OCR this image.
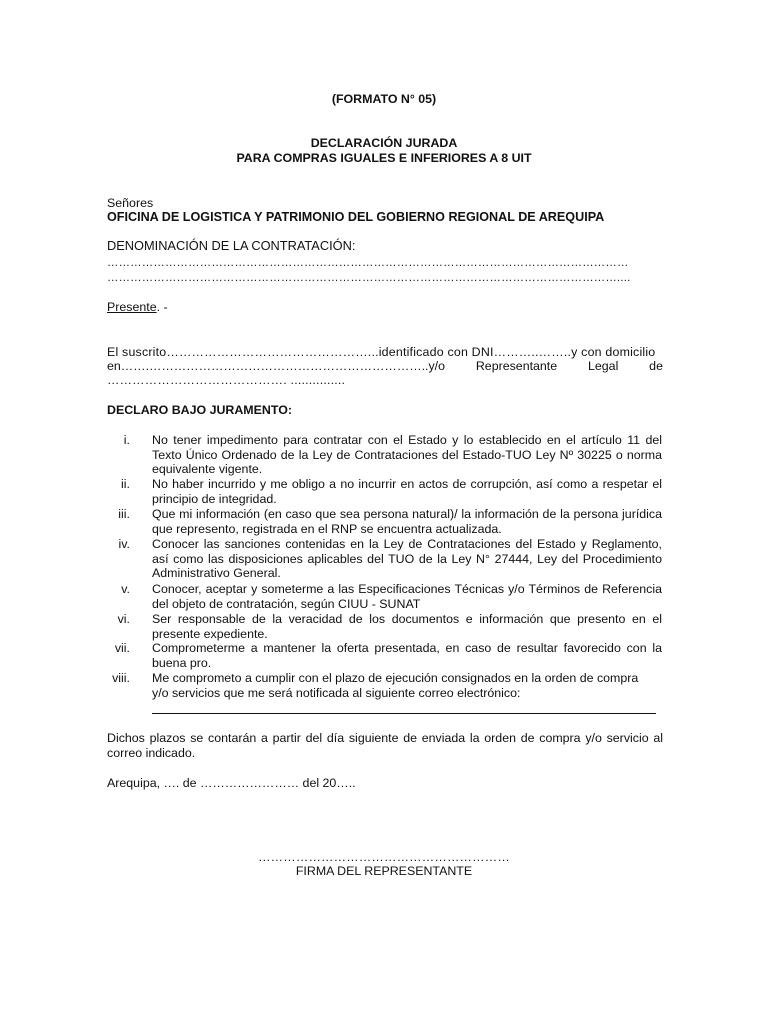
(FORMATO N° 05)
DECLARACIÓN JURADA
PARA COMPRAS IGUALES E INFERIORES A 8 UIT
Señores
OFICINA DE LOGISTICA Y PATRIMONIO DEL GOBIERNO REGIONAL DE AREQUIPA
DENOMINACIÓN DE LA CONTRATACIÓN:
………………………………………………………………………………………………………………………
……………………………………………………………………………………………………………………....
Presente. -
El suscrito…………………………………………...identificado con DNI………..……..y con domicilio
en…….…………………………………………………………..y/o Representante Legal de
……………………………………. ...............
DECLARO BAJO JURAMENTO:
i. No tener impedimento para contratar con el Estado y lo establecido en el artículo 11 del Texto Único Ordenado de la Ley de Contrataciones del Estado-TUO Ley Nº 30225 o norma equivalente vigente.
ii. No haber incurrido y me obligo a no incurrir en actos de corrupción, así como a respetar el principio de integridad.
iii. Que mi información (en caso que sea persona natural)/ la información de la persona jurídica que represento, registrada en el RNP se encuentra actualizada.
iv. Conocer las sanciones contenidas en la Ley de Contrataciones del Estado y Reglamento, así como las disposiciones aplicables del TUO de la Ley N° 27444, Ley del Procedimiento Administrativo General.
v. Conocer, aceptar y someterme a las Especificaciones Técnicas y/o Términos de Referencia del objeto de contratación, según CIUU - SUNAT
vi. Ser responsable de la veracidad de los documentos e información que presento en el presente expediente.
vii. Comprometerme a mantener la oferta presentada, en caso de resultar favorecido con la buena pro.
viii. Me comprometo a cumplir con el plazo de ejecución consignados en la orden de compra
y/o servicios que me será notificada al siguiente correo electrónico:
Dichos plazos se contarán a partir del día siguiente de enviada la orden de compra y/o servicio al correo indicado.
Arequipa, …. de …………………… del 20…..
……………………………………………………
FIRMA DEL REPRESENTANTE
